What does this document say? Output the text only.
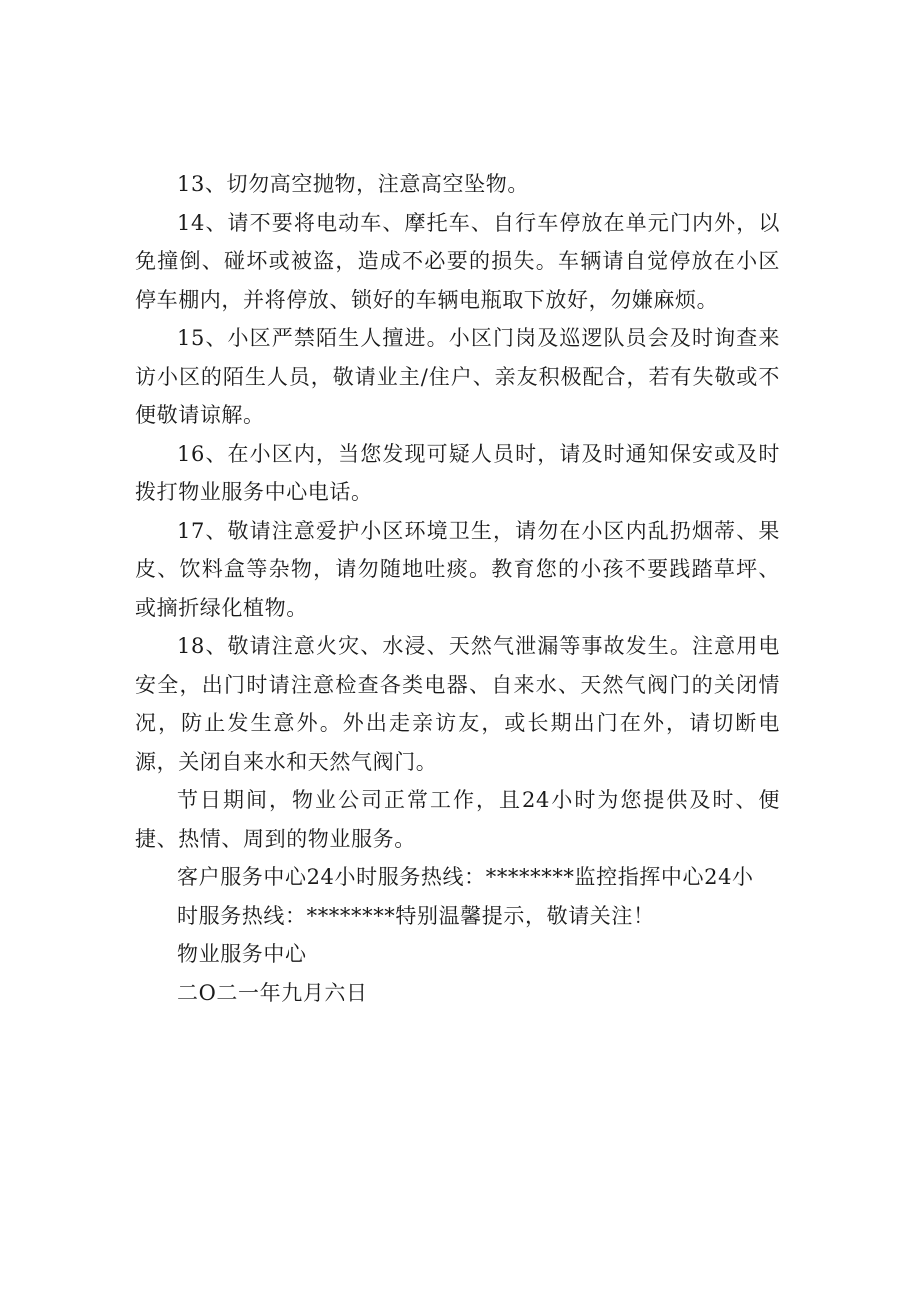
13、切勿高空抛物，注意高空坠物。

14、请不要将电动车、摩托车、自行车停放在单元门内外，以免撞倒、碰坏或被盗，造成不必要的损失。车辆请自觉停放在小区停车棚内，并将停放、锁好的车辆电瓶取下放好，勿嫌麻烦。

15、小区严禁陌生人擅进。小区门岗及巡逻队员会及时询查来访小区的陌生人员，敬请业主/住户、亲友积极配合，若有失敬或不便敬请谅解。

16、在小区内，当您发现可疑人员时，请及时通知保安或及时拨打物业服务中心电话。

17、敬请注意爱护小区环境卫生，请勿在小区内乱扔烟蒂、果皮、饮料盒等杂物，请勿随地吐痰。教育您的小孩不要践踏草坪、或摘折绿化植物。

18、敬请注意火灾、水浸、天然气泄漏等事故发生。注意用电安全，出门时请注意检查各类电器、自来水、天然气阀门的关闭情况，防止发生意外。外出走亲访友，或长期出门在外，请切断电源，关闭自来水和天然气阀门。

节日期间，物业公司正常工作，且24小时为您提供及时、便捷、热情、周到的物业服务。

客户服务中心24小时服务热线：********监控指挥中心24小

时服务热线：********特别温馨提示，敬请关注！

物业服务中心

二O二一年九月六日
